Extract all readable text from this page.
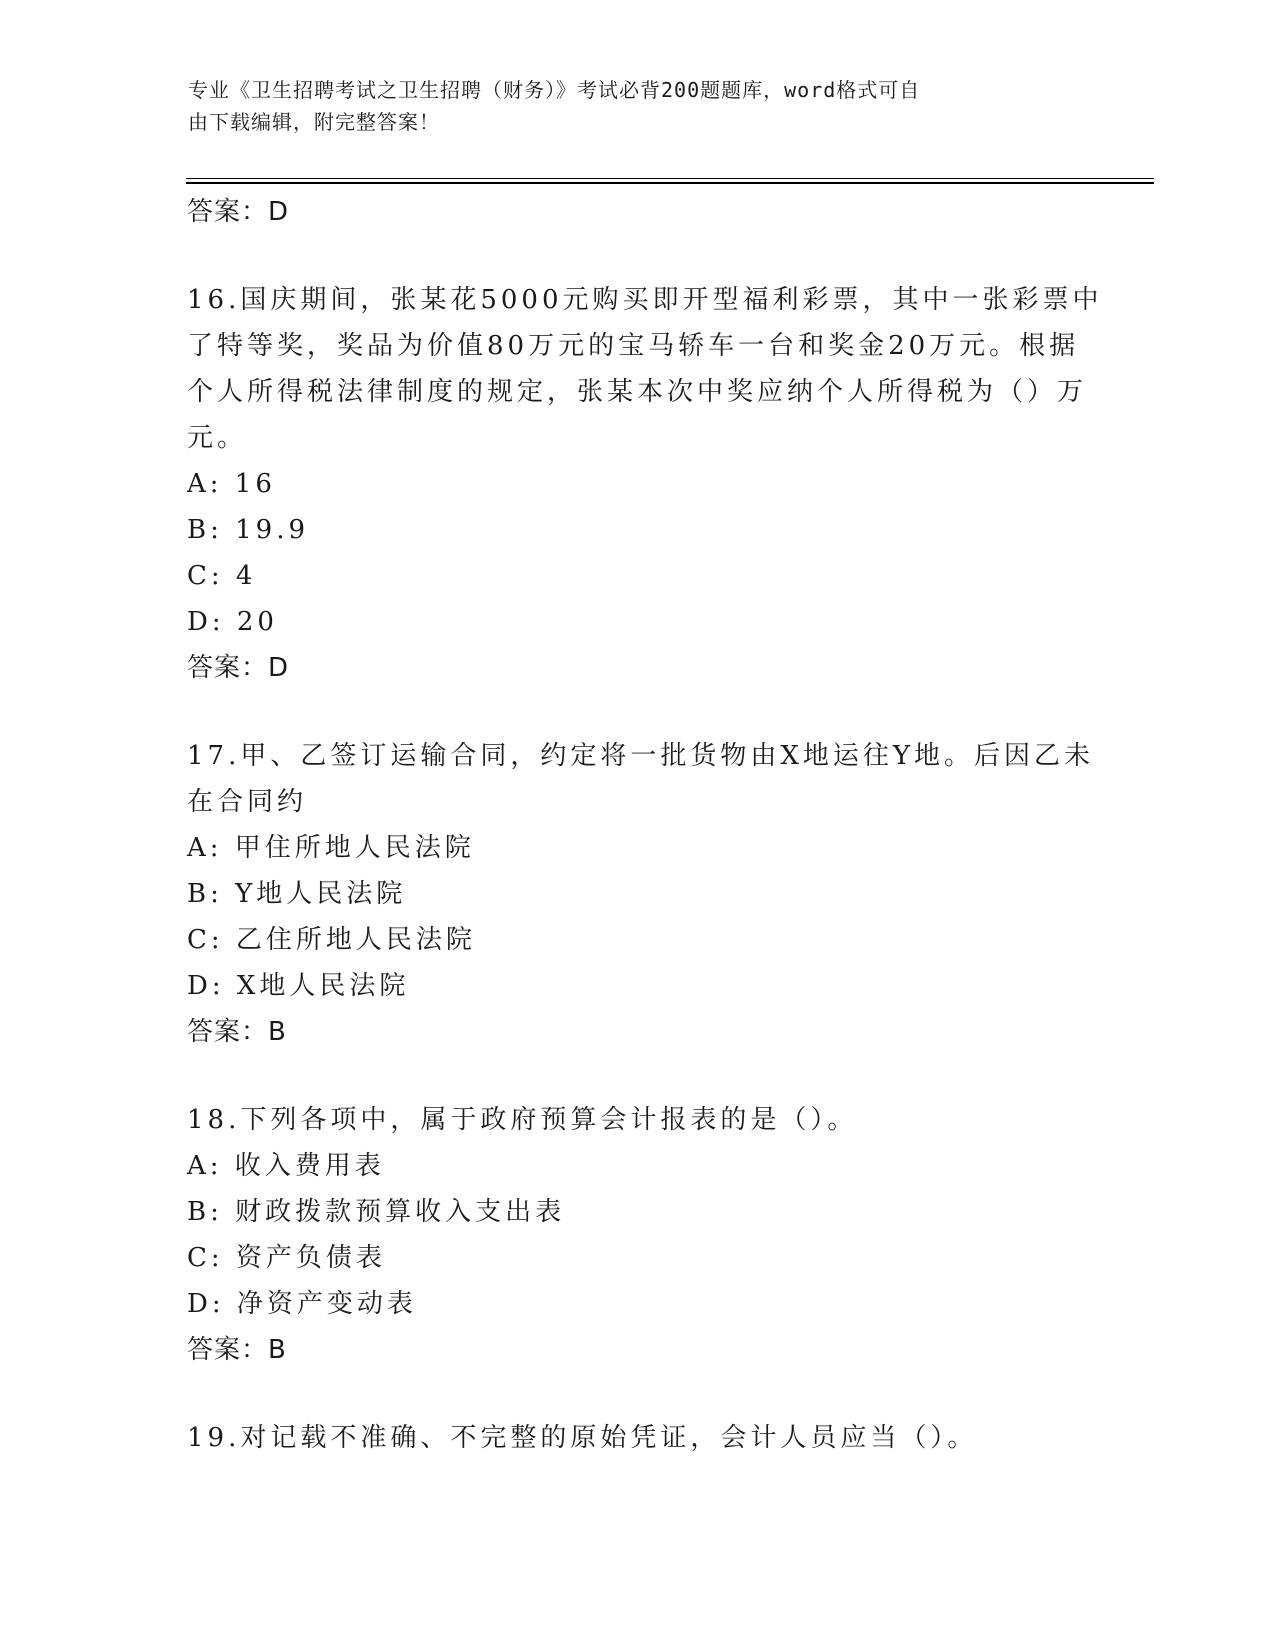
专业《卫生招聘考试之卫生招聘（财务）》考试必背200题题库，word格式可自
由下载编辑，附完整答案！
答案：D
16.国庆期间，张某花5000元购买即开型福利彩票，其中一张彩票中
了特等奖，奖品为价值80万元的宝马轿车一台和奖金20万元。根据
个人所得税法律制度的规定，张某本次中奖应纳个人所得税为（）万
元。
A: 16
B: 19.9
C: 4
D: 20
答案：D
17.甲、乙签订运输合同，约定将一批货物由X地运往Y地。后因乙未
在合同约
A: 甲住所地人民法院
B: Y地人民法院
C: 乙住所地人民法院
D: X地人民法院
答案：B
18.下列各项中，属于政府预算会计报表的是（）。
A: 收入费用表
B: 财政拨款预算收入支出表
C: 资产负债表
D: 净资产变动表
答案：B
19.对记载不准确、不完整的原始凭证，会计人员应当（）。
